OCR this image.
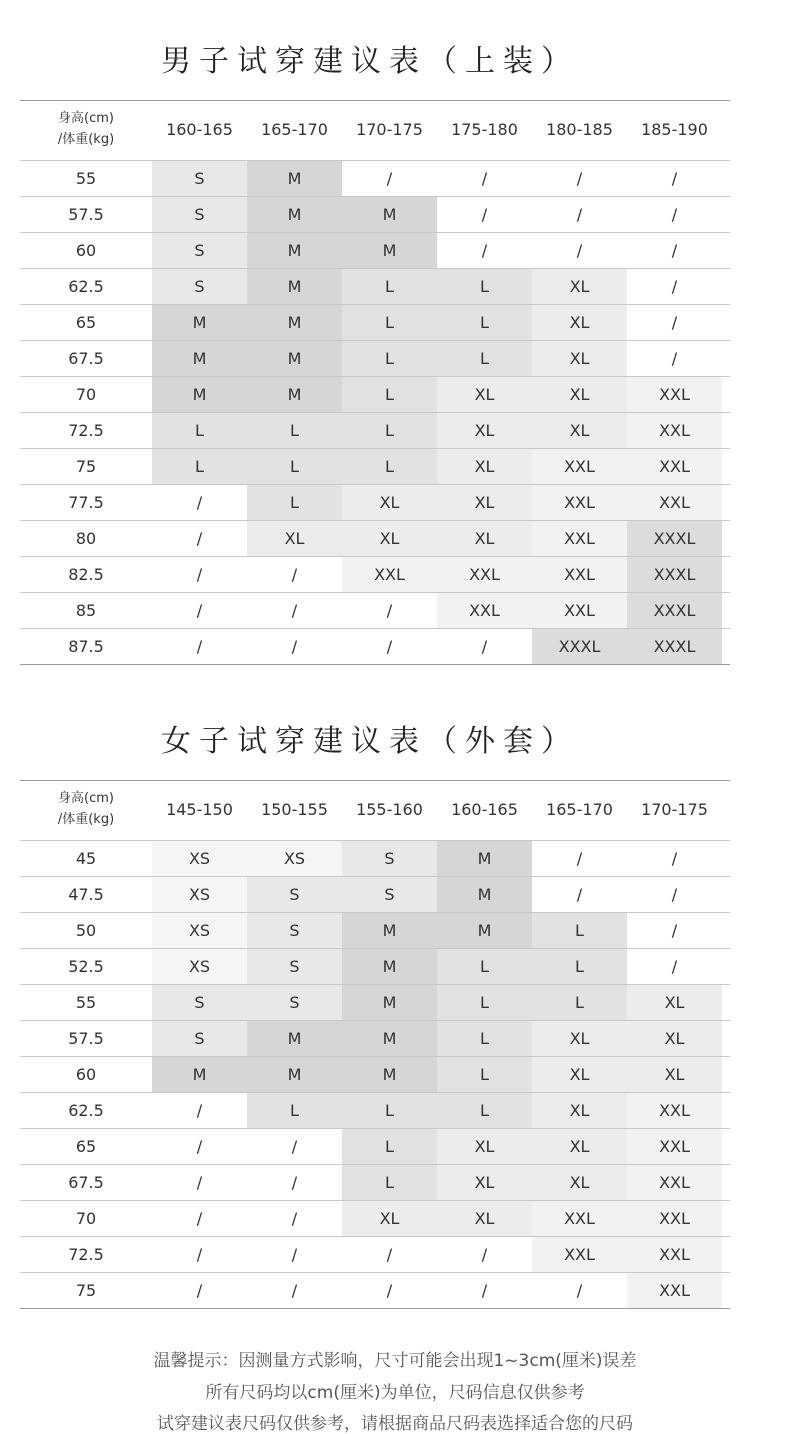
男子试穿建议表（上装）
身高(cm)
/体重(kg)
160-165	165-170	170-175	175-180	180-185	185-190
55	S	M	/	/	/	/
57.5	S	M	M	/	/	/
60	S	M	M	/	/	/
62.5	S	M	L	L	XL	/
65	M	M	L	L	XL	/
67.5	M	M	L	L	XL	/
70	M	M	L	XL	XL	XXL
72.5	L	L	L	XL	XL	XXL
75	L	L	L	XL	XXL	XXL
77.5	/	L	XL	XL	XXL	XXL
80	/	XL	XL	XL	XXL	XXXL
82.5	/	/	XXL	XXL	XXL	XXXL
85	/	/	/	XXL	XXL	XXXL
87.5	/	/	/	/	XXXL	XXXL
女子试穿建议表（外套）
身高(cm)
/体重(kg)
145-150	150-155	155-160	160-165	165-170	170-175
45	XS	XS	S	M	/	/
47.5	XS	S	S	M	/	/
50	XS	S	M	M	L	/
52.5	XS	S	M	L	L	/
55	S	S	M	L	L	XL
57.5	S	M	M	L	XL	XL
60	M	M	M	L	XL	XL
62.5	/	L	L	L	XL	XXL
65	/	/	L	XL	XL	XXL
67.5	/	/	L	XL	XL	XXL
70	/	/	XL	XL	XXL	XXL
72.5	/	/	/	/	XXL	XXL
75	/	/	/	/	/	XXL
温馨提示：因测量方式影响，尺寸可能会出现1~3cm(厘米)误差
所有尺码均以cm(厘米)为单位，尺码信息仅供参考
试穿建议表尺码仅供参考，请根据商品尺码表选择适合您的尺码
